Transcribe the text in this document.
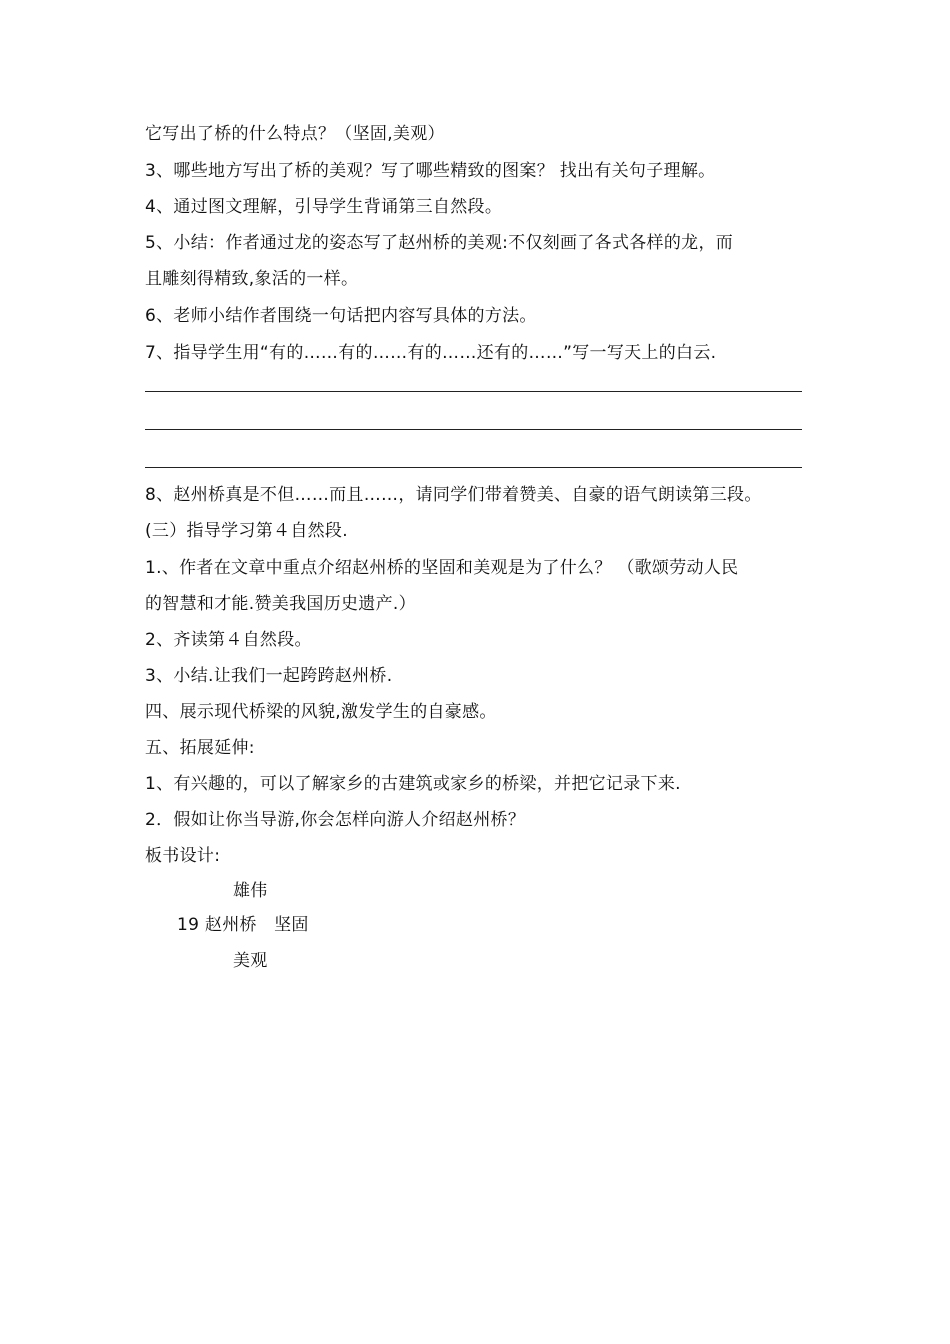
它写出了桥的什么特点？（坚固,美观）
3、哪些地方写出了桥的美观？写了哪些精致的图案？ 找出有关句子理解。
4、通过图文理解，引导学生背诵第三自然段。
5、小结：作者通过龙的姿态写了赵州桥的美观:不仅刻画了各式各样的龙，而
且雕刻得精致,象活的一样。
6、老师小结作者围绕一句话把内容写具体的方法。
7、指导学生用“有的……有的……有的……还有的……”写一写天上的白云.
8、赵州桥真是不但……而且……，请同学们带着赞美、自豪的语气朗读第三段。
(三）指导学习第４自然段.
1.、作者在文章中重点介绍赵州桥的坚固和美观是为了什么？ （歌颂劳动人民
的智慧和才能.赞美我国历史遗产.）
2、齐读第４自然段。
3、小结.让我们一起跨跨赵州桥.
四、展示现代桥梁的风貌,激发学生的自豪感。
五、拓展延伸:
1、有兴趣的，可以了解家乡的古建筑或家乡的桥梁，并把它记录下来.
2．假如让你当导游,你会怎样向游人介绍赵州桥？
板书设计:
雄伟
19 赵州桥　坚固
美观
